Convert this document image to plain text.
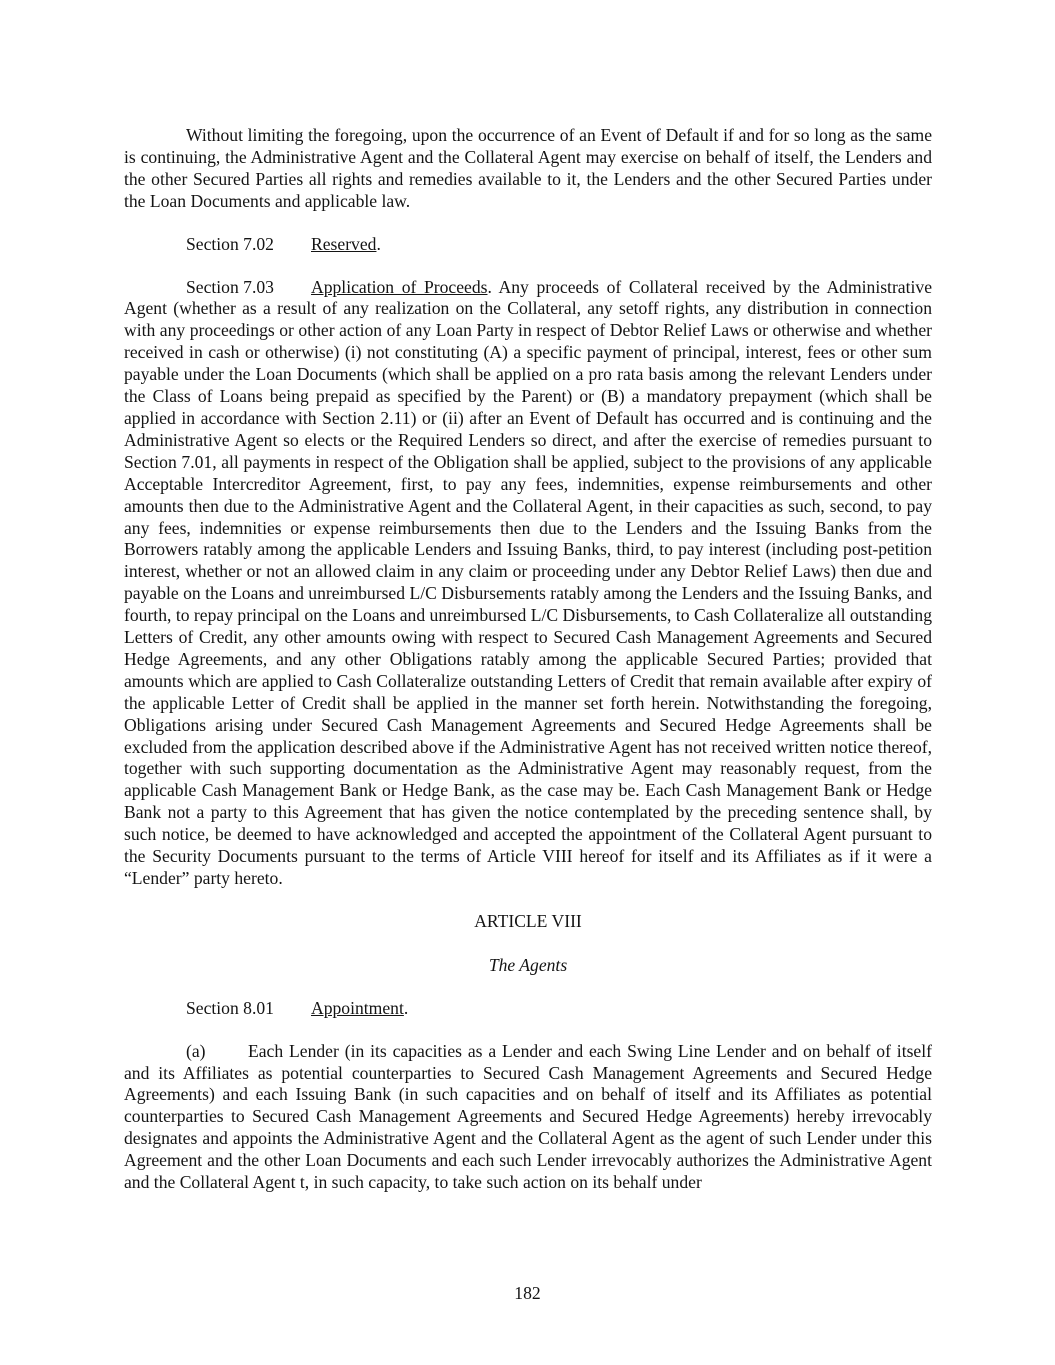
Without limiting the foregoing, upon the occurrence of an Event of Default if and for so long as the same is continuing, the Administrative Agent and the Collateral Agent may exercise on behalf of itself, the Lenders and the other Secured Parties all rights and remedies available to it, the Lenders and the other Secured Parties under the Loan Documents and applicable law.

Section 7.02 Reserved.

Section 7.03 Application of Proceeds. Any proceeds of Collateral received by the Administrative Agent (whether as a result of any realization on the Collateral, any setoff rights, any distribution in connection with any proceedings or other action of any Loan Party in respect of Debtor Relief Laws or otherwise and whether received in cash or otherwise) (i) not constituting (A) a specific payment of principal, interest, fees or other sum payable under the Loan Documents (which shall be applied on a pro rata basis among the relevant Lenders under the Class of Loans being prepaid as specified by the Parent) or (B) a mandatory prepayment (which shall be applied in accordance with Section 2.11) or (ii) after an Event of Default has occurred and is continuing and the Administrative Agent so elects or the Required Lenders so direct, and after the exercise of remedies pursuant to Section 7.01, all payments in respect of the Obligation shall be applied, subject to the provisions of any applicable Acceptable Intercreditor Agreement, first, to pay any fees, indemnities, expense reimbursements and other amounts then due to the Administrative Agent and the Collateral Agent, in their capacities as such, second, to pay any fees, indemnities or expense reimbursements then due to the Lenders and the Issuing Banks from the Borrowers ratably among the applicable Lenders and Issuing Banks, third, to pay interest (including post-petition interest, whether or not an allowed claim in any claim or proceeding under any Debtor Relief Laws) then due and payable on the Loans and unreimbursed L/C Disbursements ratably among the Lenders and the Issuing Banks, and fourth, to repay principal on the Loans and unreimbursed L/C Disbursements, to Cash Collateralize all outstanding Letters of Credit, any other amounts owing with respect to Secured Cash Management Agreements and Secured Hedge Agreements, and any other Obligations ratably among the applicable Secured Parties; provided that amounts which are applied to Cash Collateralize outstanding Letters of Credit that remain available after expiry of the applicable Letter of Credit shall be applied in the manner set forth herein. Notwithstanding the foregoing, Obligations arising under Secured Cash Management Agreements and Secured Hedge Agreements shall be excluded from the application described above if the Administrative Agent has not received written notice thereof, together with such supporting documentation as the Administrative Agent may reasonably request, from the applicable Cash Management Bank or Hedge Bank, as the case may be. Each Cash Management Bank or Hedge Bank not a party to this Agreement that has given the notice contemplated by the preceding sentence shall, by such notice, be deemed to have acknowledged and accepted the appointment of the Collateral Agent pursuant to the Security Documents pursuant to the terms of Article VIII hereof for itself and its Affiliates as if it were a “Lender” party hereto.

ARTICLE VIII

The Agents

Section 8.01 Appointment.

(a) Each Lender (in its capacities as a Lender and each Swing Line Lender and on behalf of itself and its Affiliates as potential counterparties to Secured Cash Management Agreements and Secured Hedge Agreements) and each Issuing Bank (in such capacities and on behalf of itself and its Affiliates as potential counterparties to Secured Cash Management Agreements and Secured Hedge Agreements) hereby irrevocably designates and appoints the Administrative Agent and the Collateral Agent as the agent of such Lender under this Agreement and the other Loan Documents and each such Lender irrevocably authorizes the Administrative Agent and the Collateral Agent t, in such capacity, to take such action on its behalf under

182
